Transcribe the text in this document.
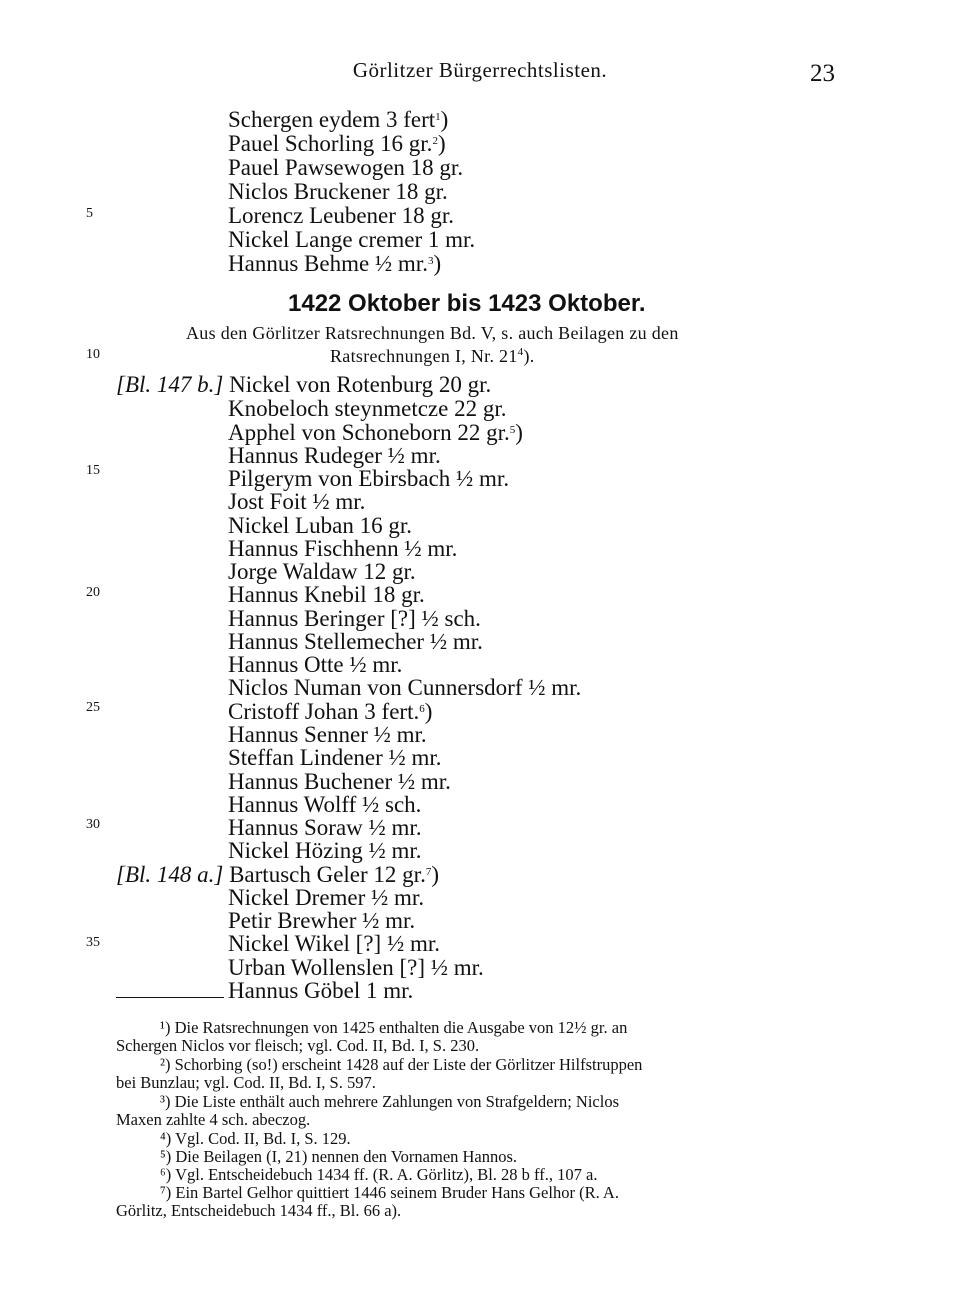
Görlitzer Bürgerrechtslisten.	23
Schergen eydem 3 fert$^1$)
Pauel Schorling 16 gr.$^2$)
Pauel Pawsewogen 18 gr.
Niclos Bruckener 18 gr.
Lorencz Leubener 18 gr.
Nickel Lange cremer 1 mr.
Hannus Behme ½ mr.$^3$)
1422 Oktober bis 1423 Oktober.
Aus den Görlitzer Ratsrechnungen Bd. V, s. auch Beilagen zu den
Ratsrechnungen I, Nr. $21^4$).
[Bl. 147 b.] Nickel von Rotenburg 20 gr.
Knobeloch steynmetcze 22 gr.
Apphel von Schoneborn 22 gr.$^5$)
Hannus Rudeger ½ mr.
Pilgerym von Ebirsbach ½ mr.
Jost Foit ½ mr.
Nickel Luban 16 gr.
Hannus Fischhenn ½ mr.
Jorge Waldaw 12 gr.
Hannus Knebil 18 gr.
Hannus Beringer [?] ½ sch.
Hannus Stellemecher ½ mr.
Hannus Otte ½ mr.
Niclos Numan von Cunnersdorf ½ mr.
Cristoff Johan 3 fert.$^6$)
Hannus Senner ½ mr.
Steffan Lindener ½ mr.
Hannus Buchener ½ mr.
Hannus Wolff ½ sch.
Hannus Soraw ½ mr.
Nickel Hözing ½ mr.
[Bl. 148 a.] Bartusch Geler 12 gr.$^7$)
Nickel Dremer ½ mr.
Petir Brewher ½ mr.
Nickel Wikel [?] ½ mr.
Urban Wollenslen [?] ½ mr.
Hannus Göbel 1 mr.
5
10
15
20
25
30
35
¹) Die Ratsrechnungen von 1425 enthalten die Ausgabe von 12½ gr. an
Schergen Niclos vor fleisch; vgl. Cod. II, Bd. I, S. 230.
²) Schorbing (so!) erscheint 1428 auf der Liste der Görlitzer Hilfstruppen
bei Bunzlau; vgl. Cod. II, Bd. I, S. 597.
³) Die Liste enthält auch mehrere Zahlungen von Strafgeldern; Niclos
Maxen zahlte 4 sch. abeczog.
⁴) Vgl. Cod. II, Bd. I, S. 129.
⁵) Die Beilagen (I, 21) nennen den Vornamen Hannos.
⁶) Vgl. Entscheidebuch 1434 ff. (R. A. Görlitz), Bl. 28 b ff., 107 a.
⁷) Ein Bartel Gelhor quittiert 1446 seinem Bruder Hans Gelhor (R. A.
Görlitz, Entscheidebuch 1434 ff., Bl. 66 a).
